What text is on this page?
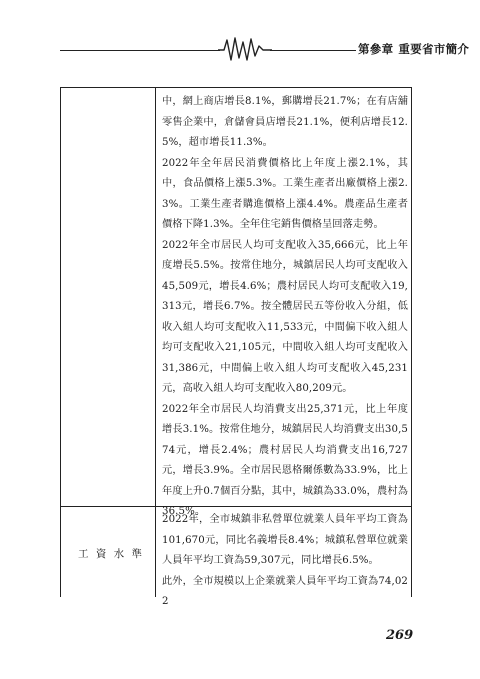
第參章 重要省市簡介

中，網上商店增長8.1%，郵購增長21.7%；在有店舖零售企業中，倉儲會員店增長21.1%，便利店增長12.5%，超市增長11.3%。

2022年全年居民消費價格比上年度上漲2.1%，其中，食品價格上漲5.3%。工業生產者出廠價格上漲2.3%。工業生產者購進價格上漲4.4%。農產品生產者價格下降1.3%。全年住宅銷售價格呈回落走勢。

2022年全市居民人均可支配收入35,666元，比上年度增長5.5%。按常住地分，城鎮居民人均可支配收入45,509元，增長4.6%；農村居民人均可支配收入19,313元，增長6.7%。按全體居民五等份收入分組，低收入組人均可支配收入11,533元，中間偏下收入組人均可支配收入21,105元，中間收入組人均可支配收入31,386元，中間偏上收入組人均可支配收入45,231元，高收入組人均可支配收入80,209元。

2022年全市居民人均消費支出25,371元，比上年度增長3.1%。按常住地分，城鎮居民人均消費支出30,574元，增長2.4%；農村居民人均消費支出16,727元，增長3.9%。全市居民恩格爾係數為33.9%，比上年度上升0.7個百分點，其中，城鎮為33.0%，農村為36.5%。

工資水準

2022年，全市城鎮非私營單位就業人員年平均工資為101,670元，同比名義增長8.4%；城鎮私營單位就業人員年平均工資為59,307元，同比增長6.5%。

此外，全市規模以上企業就業人員年平均工資為74,022

269
